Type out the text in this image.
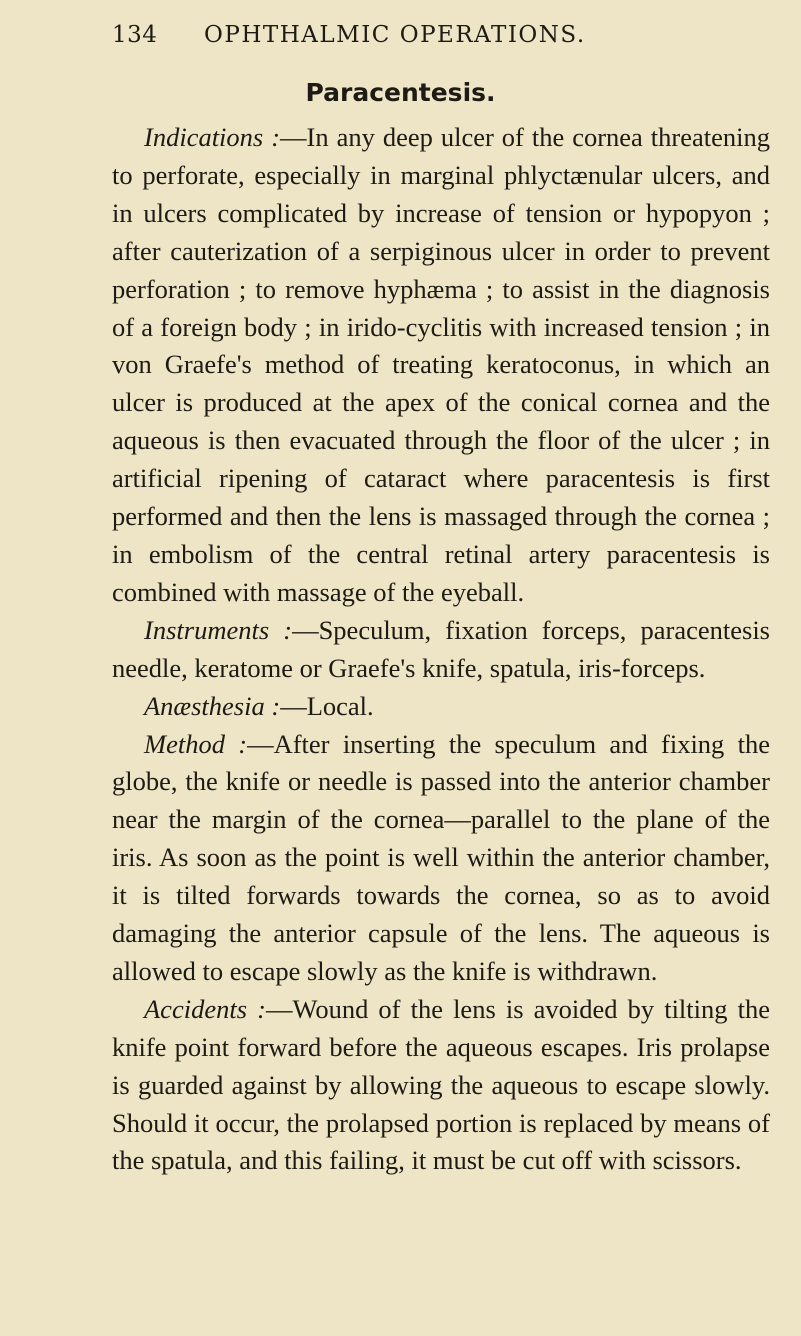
134 OPHTHALMIC OPERATIONS.
Paracentesis.

Indications :—In any deep ulcer of the cornea threatening to perforate, especially in marginal phlyctænular ulcers, and in ulcers complicated by increase of tension or hypopyon ; after cauterization of a serpiginous ulcer in order to prevent perforation ; to remove hyphæma ; to assist in the diagnosis of a foreign body ; in irido-cyclitis with increased tension ; in von Graefe's method of treating keratoconus, in which an ulcer is produced at the apex of the conical cornea and the aqueous is then evacuated through the floor of the ulcer ; in artificial ripening of cataract where paracentesis is first performed and then the lens is massaged through the cornea ; in embolism of the central retinal artery paracentesis is combined with massage of the eyeball.

Instruments :—Speculum, fixation forceps, paracentesis needle, keratome or Graefe's knife, spatula, iris-forceps.

Anæsthesia :—Local.

Method :—After inserting the speculum and fixing the globe, the knife or needle is passed into the anterior chamber near the margin of the cornea—parallel to the plane of the iris. As soon as the point is well within the anterior chamber, it is tilted forwards towards the cornea, so as to avoid damaging the anterior capsule of the lens. The aqueous is allowed to escape slowly as the knife is withdrawn.

Accidents :—Wound of the lens is avoided by tilting the knife point forward before the aqueous escapes. Iris prolapse is guarded against by allowing the aqueous to escape slowly. Should it occur, the prolapsed portion is replaced by means of the spatula, and this failing, it must be cut off with scissors.
